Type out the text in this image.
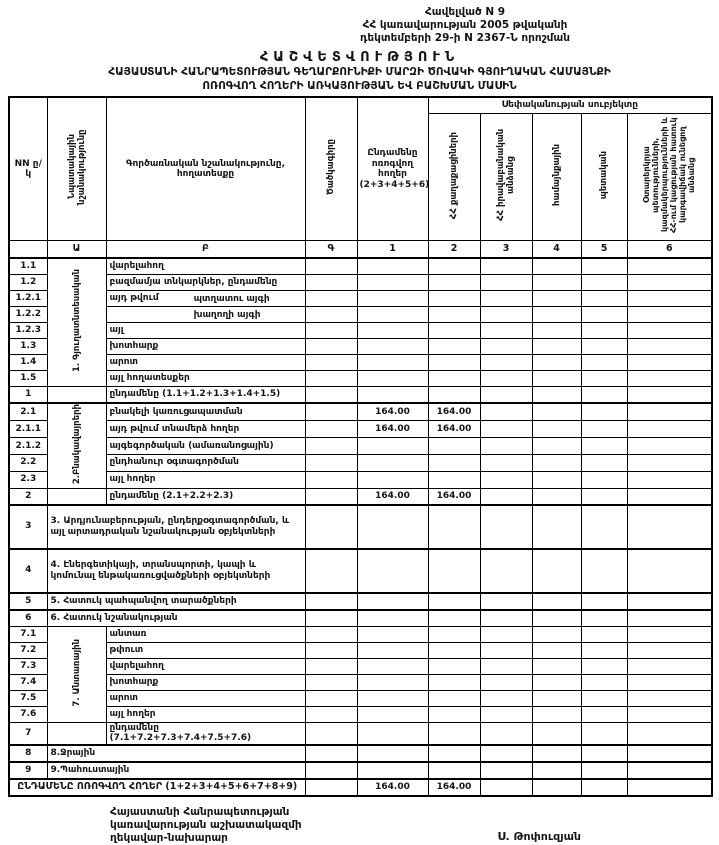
Հավելված N 9
ՀՀ կառավարության 2005 թվականի
դեկտեմբերի 29-ի N 2367-Ն որոշման
ՀԱՇՎԵՏՎՈՒԹՅՈՒՆ
ՀԱՅԱՍՏԱՆԻ ՀԱՆՐԱՊԵՏՈՒԹՅԱՆ ԳԵՂԱՐՔՈՒՆԻՔԻ ՄԱՐԶԻ ԾՈՎԱԿԻ ԳՅՈՒՂԱԿԱՆ ՀԱՄԱՅՆՔԻ
ՈՌՈԳՎՈՂ ՀՈՂԵՐԻ ԱՌԿԱՅՈՒԹՅԱՆ ԵՎ ԲԱՇԽՄԱՆ ՄԱՍԻՆ
NN ը/կ	Նպատակային նշանակությունը	Գործառնական նշանակությունը, հողատեսքը	Ծածկագիրը	Ընդամենը ոռոգվող հողեր (2+3+4+5+6)	Սեփականության սուբյեկտը				
					ՀՀ քաղաքացիների	ՀՀ իրավաբանական անձանց	համայնքային	պետական	Օտարերկրյա պետությունների, կազմակերպությունների և ՀՀ-ում կացության հատուկ կարգավիճակ ունեցող անձանց
	Ա	Բ	Գ	1	2	3	4	5	6
1.1	1. Գյուղատնտեսական	վարելահող							
1.2		բազմամյա տնկարկներ, ընդամենը							
1.2.1		այդ թվում պտղատու այգի							

1.2.2		խաղողի այգի							

1.2.3		այլ							
1.3		խոտհարք							
1.4		արոտ							
1.5		այլ հողատեսքեր							
1		ընդամենը (1.1+1.2+1.3+1.4+1.5)							
2.1	2.Բնակավայրերի	բնակելի կառուցապատման		164.00	164.00				
2.1.1		այդ թվում տնամերձ հողեր		164.00	164.00				
2.1.2		այգեգործական (ամառանոցային)							
2.2		ընդհանուր օգտագործման							
2.3		այլ հողեր							
2		ընդամենը (2.1+2.2+2.3)		164.00	164.00				
3	3. Արդյունաբերության, ընդերքօգտագործման, և այլ արտադրական նշանակության օբյեկտների								
4	4. Էներգետիկայի, տրանսպորտի, կապի և կոմունալ ենթակառուցվածքների օբյեկտների								
5	5. Հատուկ պահպանվող տարածքների								
6	6. Հատուկ նշանակության								
7.1	7. Անտառային	անտառ							
7.2		թփուտ							
7.3		վարելահող							
7.4		խոտհարք							
7.5		արոտ							
7.6		այլ հողեր							
7		ընդամենը (7.1+7.2+7.3+7.4+7.5+7.6)							
8	8.Ջրային								
9	9.Պահուստային								
ԸՆԴԱՄԵՆԸ ՈՌՈԳՎՈՂ ՀՈՂԵՐ (1+2+3+4+5+6+7+8+9)				164.00	164.00				
Հայաստանի Հանրապետության
կառավարության աշխատակազմի
ղեկավար-նախարար	Ս. Թոփուզյան
